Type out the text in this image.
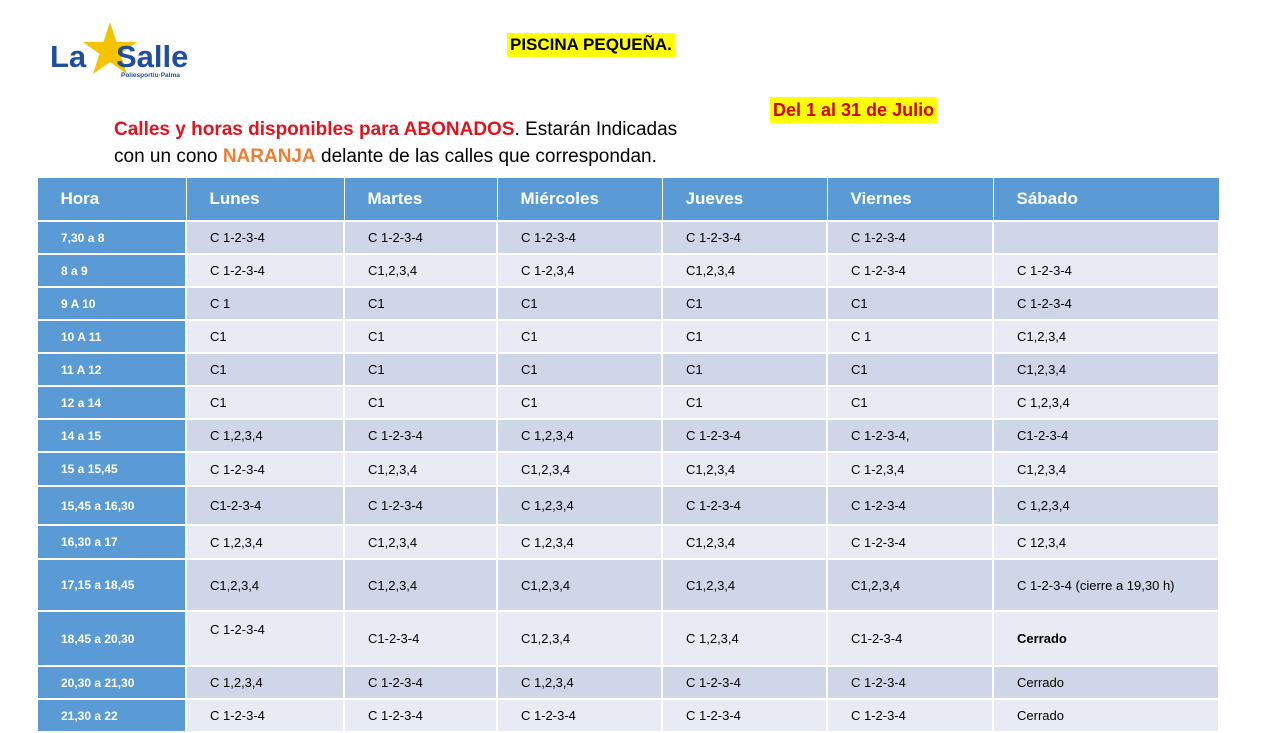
La Salle
Poliesportiu·Palma
PISCINA PEQUEÑA.
Del 1 al 31 de Julio
Calles y horas disponibles para ABONADOS. Estarán Indicadas
con un cono NARANJA delante de las calles que correspondan.
Hora	Lunes	Martes	Miércoles	Jueves	Viernes	Sábado
7,30 a 8	C 1-2-3-4	C 1-2-3-4	C 1-2-3-4	C 1-2-3-4	C 1-2-3-4	
8 a 9	C 1-2-3-4	C1,2,3,4	C 1-2,3,4	C1,2,3,4	C 1-2-3-4	C 1-2-3-4
9 A 10	C 1	C1	C1	C1	C1	C 1-2-3-4
10 A 11	C1	C1	C1	C1	C 1	C1,2,3,4
11 A 12	C1	C1	C1	C1	C1	C1,2,3,4
12 a 14	C1	C1	C1	C1	C1	C 1,2,3,4
14 a 15	C 1,2,3,4	C 1-2-3-4	C 1,2,3,4	C 1-2-3-4	C 1-2-3-4,	C1-2-3-4
15 a 15,45	C 1-2-3-4	C1,2,3,4	C1,2,3,4	C1,2,3,4	C 1-2,3,4	C1,2,3,4
15,45 a 16,30	C1-2-3-4	C 1-2-3-4	C 1,2,3,4	C 1-2-3-4	C 1-2-3-4	C 1,2,3,4
16,30 a 17	C 1,2,3,4	C1,2,3,4	C 1,2,3,4	C1,2,3,4	C 1-2-3-4	C 12,3,4
17,15 a 18,45	C1,2,3,4	C1,2,3,4	C1,2,3,4	C1,2,3,4	C1,2,3,4	C 1-2-3-4 (cierre a 19,30 h)
18,45 a 20,30	C 1-2-3-4	C1-2-3-4	C1,2,3,4	C 1,2,3,4	C1-2-3-4	Cerrado
20,30 a 21,30	C 1,2,3,4	C 1-2-3-4	C 1,2,3,4	C 1-2-3-4	C 1-2-3-4	Cerrado
21,30 a 22	C 1-2-3-4	C 1-2-3-4	C 1-2-3-4	C 1-2-3-4	C 1-2-3-4	Cerrado
